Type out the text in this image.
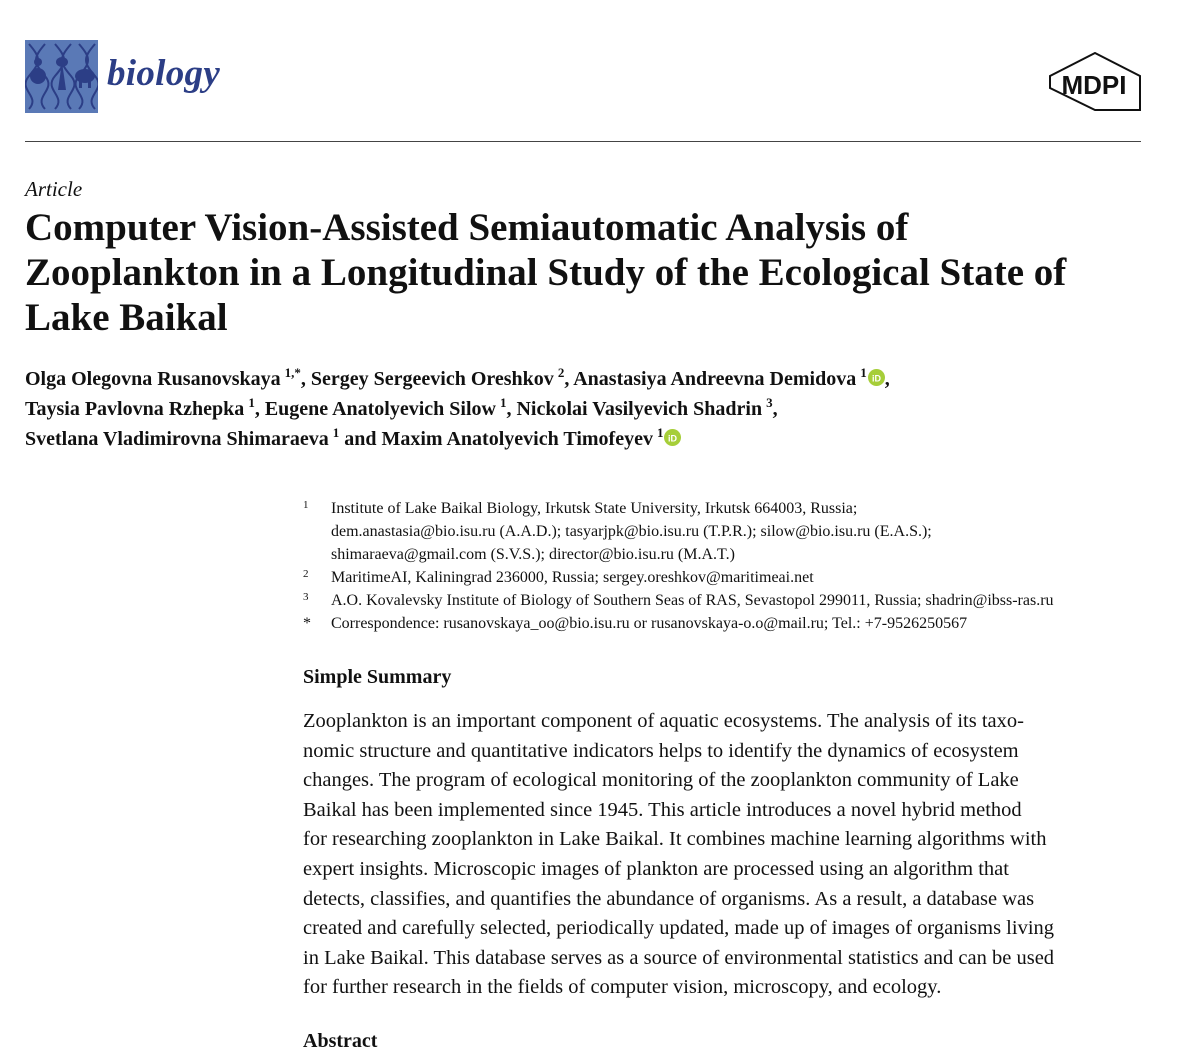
biology	MDPI
Article
Computer Vision-Assisted Semiautomatic Analysis of
Zooplankton in a Longitudinal Study of the Ecological State of
Lake Baikal
Olga Olegovna Rusanovskaya  $^{1,*}$, Sergey Sergeevich Oreshkov  $^2$, Anastasiya Andreevna Demidova  $^1$ iD ,
Taysia Pavlovna Rzhepka  $^1$, Eugene Anatolyevich Silow  $^1$, Nickolai Vasilyevich Shadrin  $^3$,
Svetlana Vladimirovna Shimaraeva  $^1$ and Maxim Anatolyevich Timofeyev  $^1$ iD
1	Institute of Lake Baikal Biology, Irkutsk State University, Irkutsk 664003, Russia;
dem.anastasia@bio.isu.ru (A.A.D.); tasyarjpk@bio.isu.ru (T.P.R.); silow@bio.isu.ru (E.A.S.);
shimaraeva@gmail.com (S.V.S.); director@bio.isu.ru (M.A.T.)
2	MaritimeAI, Kaliningrad 236000, Russia; sergey.oreshkov@maritimeai.net
3	A.O. Kovalevsky Institute of Biology of Southern Seas of RAS, Sevastopol 299011, Russia; shadrin@ibss-ras.ru
*	Correspondence: rusanovskaya_oo@bio.isu.ru or rusanovskaya-o.o@mail.ru; Tel.: +7-9526250567
Simple Summary
Zooplankton is an important component of aquatic ecosystems. The analysis of its taxo-
nomic structure and quantitative indicators helps to identify the dynamics of ecosystem
changes. The program of ecological monitoring of the zooplankton community of Lake
Baikal has been implemented since 1945. This article introduces a novel hybrid method
for researching zooplankton in Lake Baikal. It combines machine learning algorithms with
expert insights. Microscopic images of plankton are processed using an algorithm that
detects, classifies, and quantifies the abundance of organisms. As a result, a database was
created and carefully selected, periodically updated, made up of images of organisms living
in Lake Baikal. This database serves as a source of environmental statistics and can be used
for further research in the fields of computer vision, microscopy, and ecology.
Abstract
